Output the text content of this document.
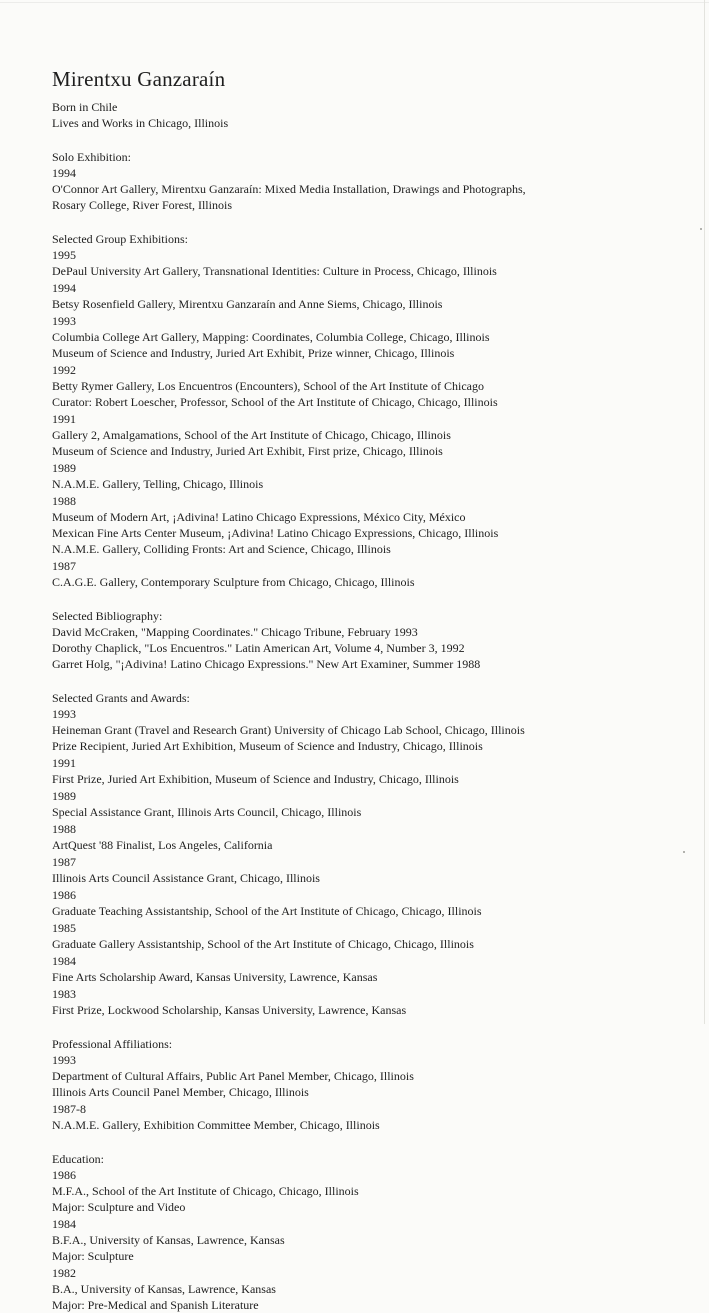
Mirentxu Ganzaraín
Born in Chile
Lives and Works in Chicago, Illinois
Solo Exhibition:
1994
O'Connor Art Gallery, Mirentxu Ganzaraín: Mixed Media Installation, Drawings and Photographs,
Rosary College, River Forest, Illinois
Selected Group Exhibitions:
1995
DePaul University Art Gallery, Transnational Identities: Culture in Process, Chicago, Illinois
1994
Betsy Rosenfield Gallery, Mirentxu Ganzaraín and Anne Siems, Chicago, Illinois
1993
Columbia College Art Gallery, Mapping: Coordinates, Columbia College, Chicago, Illinois
Museum of Science and Industry, Juried Art Exhibit, Prize winner, Chicago, Illinois
1992
Betty Rymer Gallery, Los Encuentros (Encounters), School of the Art Institute of Chicago
Curator: Robert Loescher, Professor, School of the Art Institute of Chicago, Chicago, Illinois
1991
Gallery 2, Amalgamations, School of the Art Institute of Chicago, Chicago, Illinois
Museum of Science and Industry, Juried Art Exhibit, First prize, Chicago, Illinois
1989
N.A.M.E. Gallery, Telling, Chicago, Illinois
1988
Museum of Modern Art, ¡Adivina! Latino Chicago Expressions, México City, México
Mexican Fine Arts Center Museum, ¡Adivina! Latino Chicago Expressions, Chicago, Illinois
N.A.M.E. Gallery, Colliding Fronts: Art and Science, Chicago, Illinois
1987
C.A.G.E. Gallery, Contemporary Sculpture from Chicago, Chicago, Illinois
Selected Bibliography:
David McCraken, "Mapping Coordinates." Chicago Tribune, February 1993
Dorothy Chaplick, "Los Encuentros." Latin American Art, Volume 4, Number 3, 1992
Garret Holg, "¡Adivina! Latino Chicago Expressions." New Art Examiner, Summer 1988
Selected Grants and Awards:
1993
Heineman Grant (Travel and Research Grant) University of Chicago Lab School, Chicago, Illinois
Prize Recipient, Juried Art Exhibition, Museum of Science and Industry, Chicago, Illinois
1991
First Prize, Juried Art Exhibition, Museum of Science and Industry, Chicago, Illinois
1989
Special Assistance Grant, Illinois Arts Council, Chicago, Illinois
1988
ArtQuest '88 Finalist, Los Angeles, California
1987
Illinois Arts Council Assistance Grant, Chicago, Illinois
1986
Graduate Teaching Assistantship, School of the Art Institute of Chicago, Chicago, Illinois
1985
Graduate Gallery Assistantship, School of the Art Institute of Chicago, Chicago, Illinois
1984
Fine Arts Scholarship Award, Kansas University, Lawrence, Kansas
1983
First Prize, Lockwood Scholarship, Kansas University, Lawrence, Kansas
Professional Affiliations:
1993
Department of Cultural Affairs, Public Art Panel Member, Chicago, Illinois
Illinois Arts Council Panel Member, Chicago, Illinois
1987-8
N.A.M.E. Gallery, Exhibition Committee Member, Chicago, Illinois
Education:
1986
M.F.A., School of the Art Institute of Chicago, Chicago, Illinois
Major: Sculpture and Video
1984
B.F.A., University of Kansas, Lawrence, Kansas
Major: Sculpture
1982
B.A., University of Kansas, Lawrence, Kansas
Major: Pre-Medical and Spanish Literature
